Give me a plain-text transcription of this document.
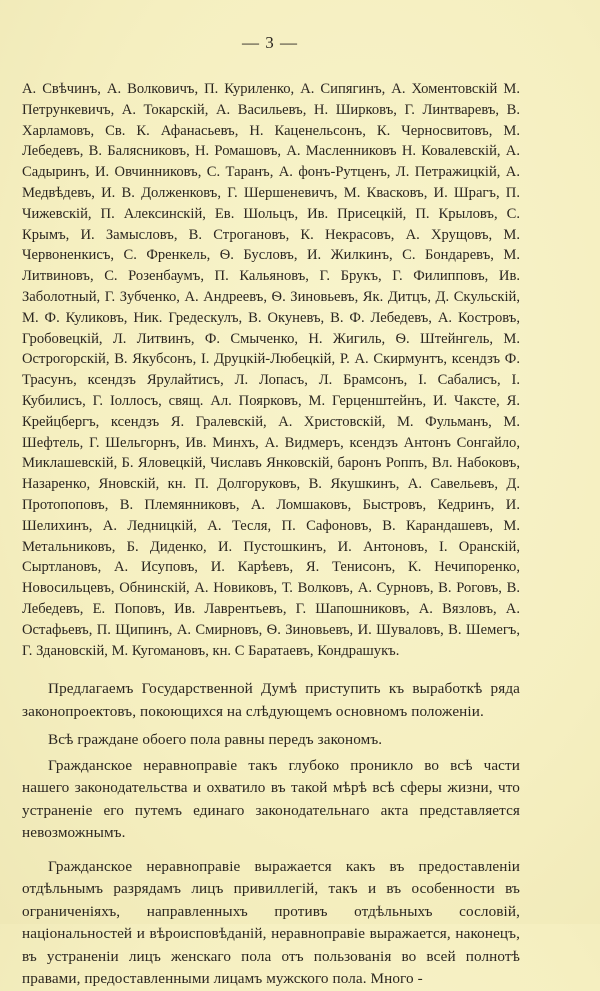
— 3 —

А. Свѣчинъ, А. Волковичъ, П. Куриленко, А. Сипягинъ, А. Хоментовскій М. Петрункевичъ, А. Токарскій, А. Васильевъ, Н. Ширковъ, Г. Линтваревъ, В. Харламовъ, Св. К. Афанасьевъ, Н. Каценельсонъ, К. Черносвитовъ, М. Лебедевъ, В. Балясниковъ, Н. Ромашовъ, А. Масленниковъ Н. Ковалевскій, А. Садыринъ, И. Овчинниковъ, С. Таранъ, А. фонъ-Рутценъ, Л. Петражицкій, А. Медвѣдевъ, И. В. Долженковъ, Г. Шершеневичъ, М. Квасковъ, И. Шрагъ, П. Чижевскій, П. Алексинскій, Ев. Шольцъ, Ив. Присецкій, П. Крыловъ, С. Крымъ, И. Замысловъ, В. Строгановъ, К. Некрасовъ, А. Хрущовъ, М. Червоненкисъ, С. Френкель, Ѳ. Бусловъ, И. Жилкинъ, С. Бондаревъ, М. Литвиновъ, С. Розенбаумъ, П. Кальяновъ, Г. Брукъ, Г. Филипповъ, Ив. Заболотный, Г. Зубченко, А. Андреевъ, Ѳ. Зиновьевъ, Як. Дитцъ, Д. Скульскій, М. Ф. Куликовъ, Ник. Гредескулъ, В. Окуневъ, В. Ф. Лебедевъ, А. Костровъ, Гробовецкій, Л. Литвинъ, Ф. Смыченко, Н. Жигиль, Ѳ. Штейнгель, М. Острогорскій, В. Якубсонъ, І. Друцкій-Любецкій, Р. А. Скирмунтъ, ксендзъ Ф. Трасунъ, ксендзъ Ярулайтисъ, Л. Лопасъ, Л. Брамсонъ, І. Сабалисъ, І. Кубилисъ, Г. Іоллосъ, свящ. Ал. Поярковъ, М. Герценштейнъ, И. Чаксте, Я. Крейцбергъ, ксендзъ Я. Гралевскій, А. Христовскій, М. Фульманъ, М. Шефтель, Г. Шельгорнъ, Ив. Минхъ, А. Видмеръ, ксендзъ Антонъ Сонгайло, Миклашевскій, Б. Яловецкій, Числавъ Янковскій, баронъ Роппъ, Вл. Набоковъ, Назаренко, Яновскій, кн. П. Долгоруковъ, В. Якушкинъ, А. Савельевъ, Д. Протопоповъ, В. Племянниковъ, А. Ломшаковъ, Быстровъ, Кедринъ, И. Шелихинъ, А. Ледницкій, А. Тесля, П. Сафоновъ, В. Карандашевъ, М. Метальниковъ, Б. Диденко, И. Пустошкинъ, И. Антоновъ, І. Оранскій, Сыртлановъ, А. Исуповъ, И. Карѣевъ, Я. Тенисонъ, К. Нечипоренко, Новосильцевъ, Обнинскій, А. Новиковъ, Т. Волковъ, А. Сурновъ, В. Роговъ, В. Лебедевъ, Е. Поповъ, Ив. Лаврентьевъ, Г. Шапошниковъ, А. Вязловъ, А. Остафьевъ, П. Щипинъ, А. Смирновъ, Ѳ. Зиновьевъ, И. Шуваловъ, В. Шемегъ, Г. Здановскій, М. Кугомановъ, кн. С Баратаевъ, Кондрашукъ.

Предлагаемъ Государственной Думѣ приступить къ выработкѣ ряда законопроектовъ, покоющихся на слѣдующемъ основномъ положеніи.

Всѣ граждане обоего пола равны передъ закономъ.

Гражданское неравноправіе такъ глубоко проникло во всѣ части нашего законодательства и охватило въ такой мѣрѣ всѣ сферы жизни, что устраненіе его путемъ единаго законодательнаго акта представляется невозможнымъ.

Гражданское неравноправіе выражается какъ въ предоставленіи отдѣльнымъ разрядамъ лицъ привиллегій, такъ и въ особенности въ ограниченіяхъ, направленныхъ противъ отдѣльныхъ сословій, національностей и вѣроисповѣданій, неравноправіе выражается, наконецъ, въ устраненіи лицъ женскаго пола отъ пользованія во всей полнотѣ правами, предоставленными лицамъ мужского пола. Много -
